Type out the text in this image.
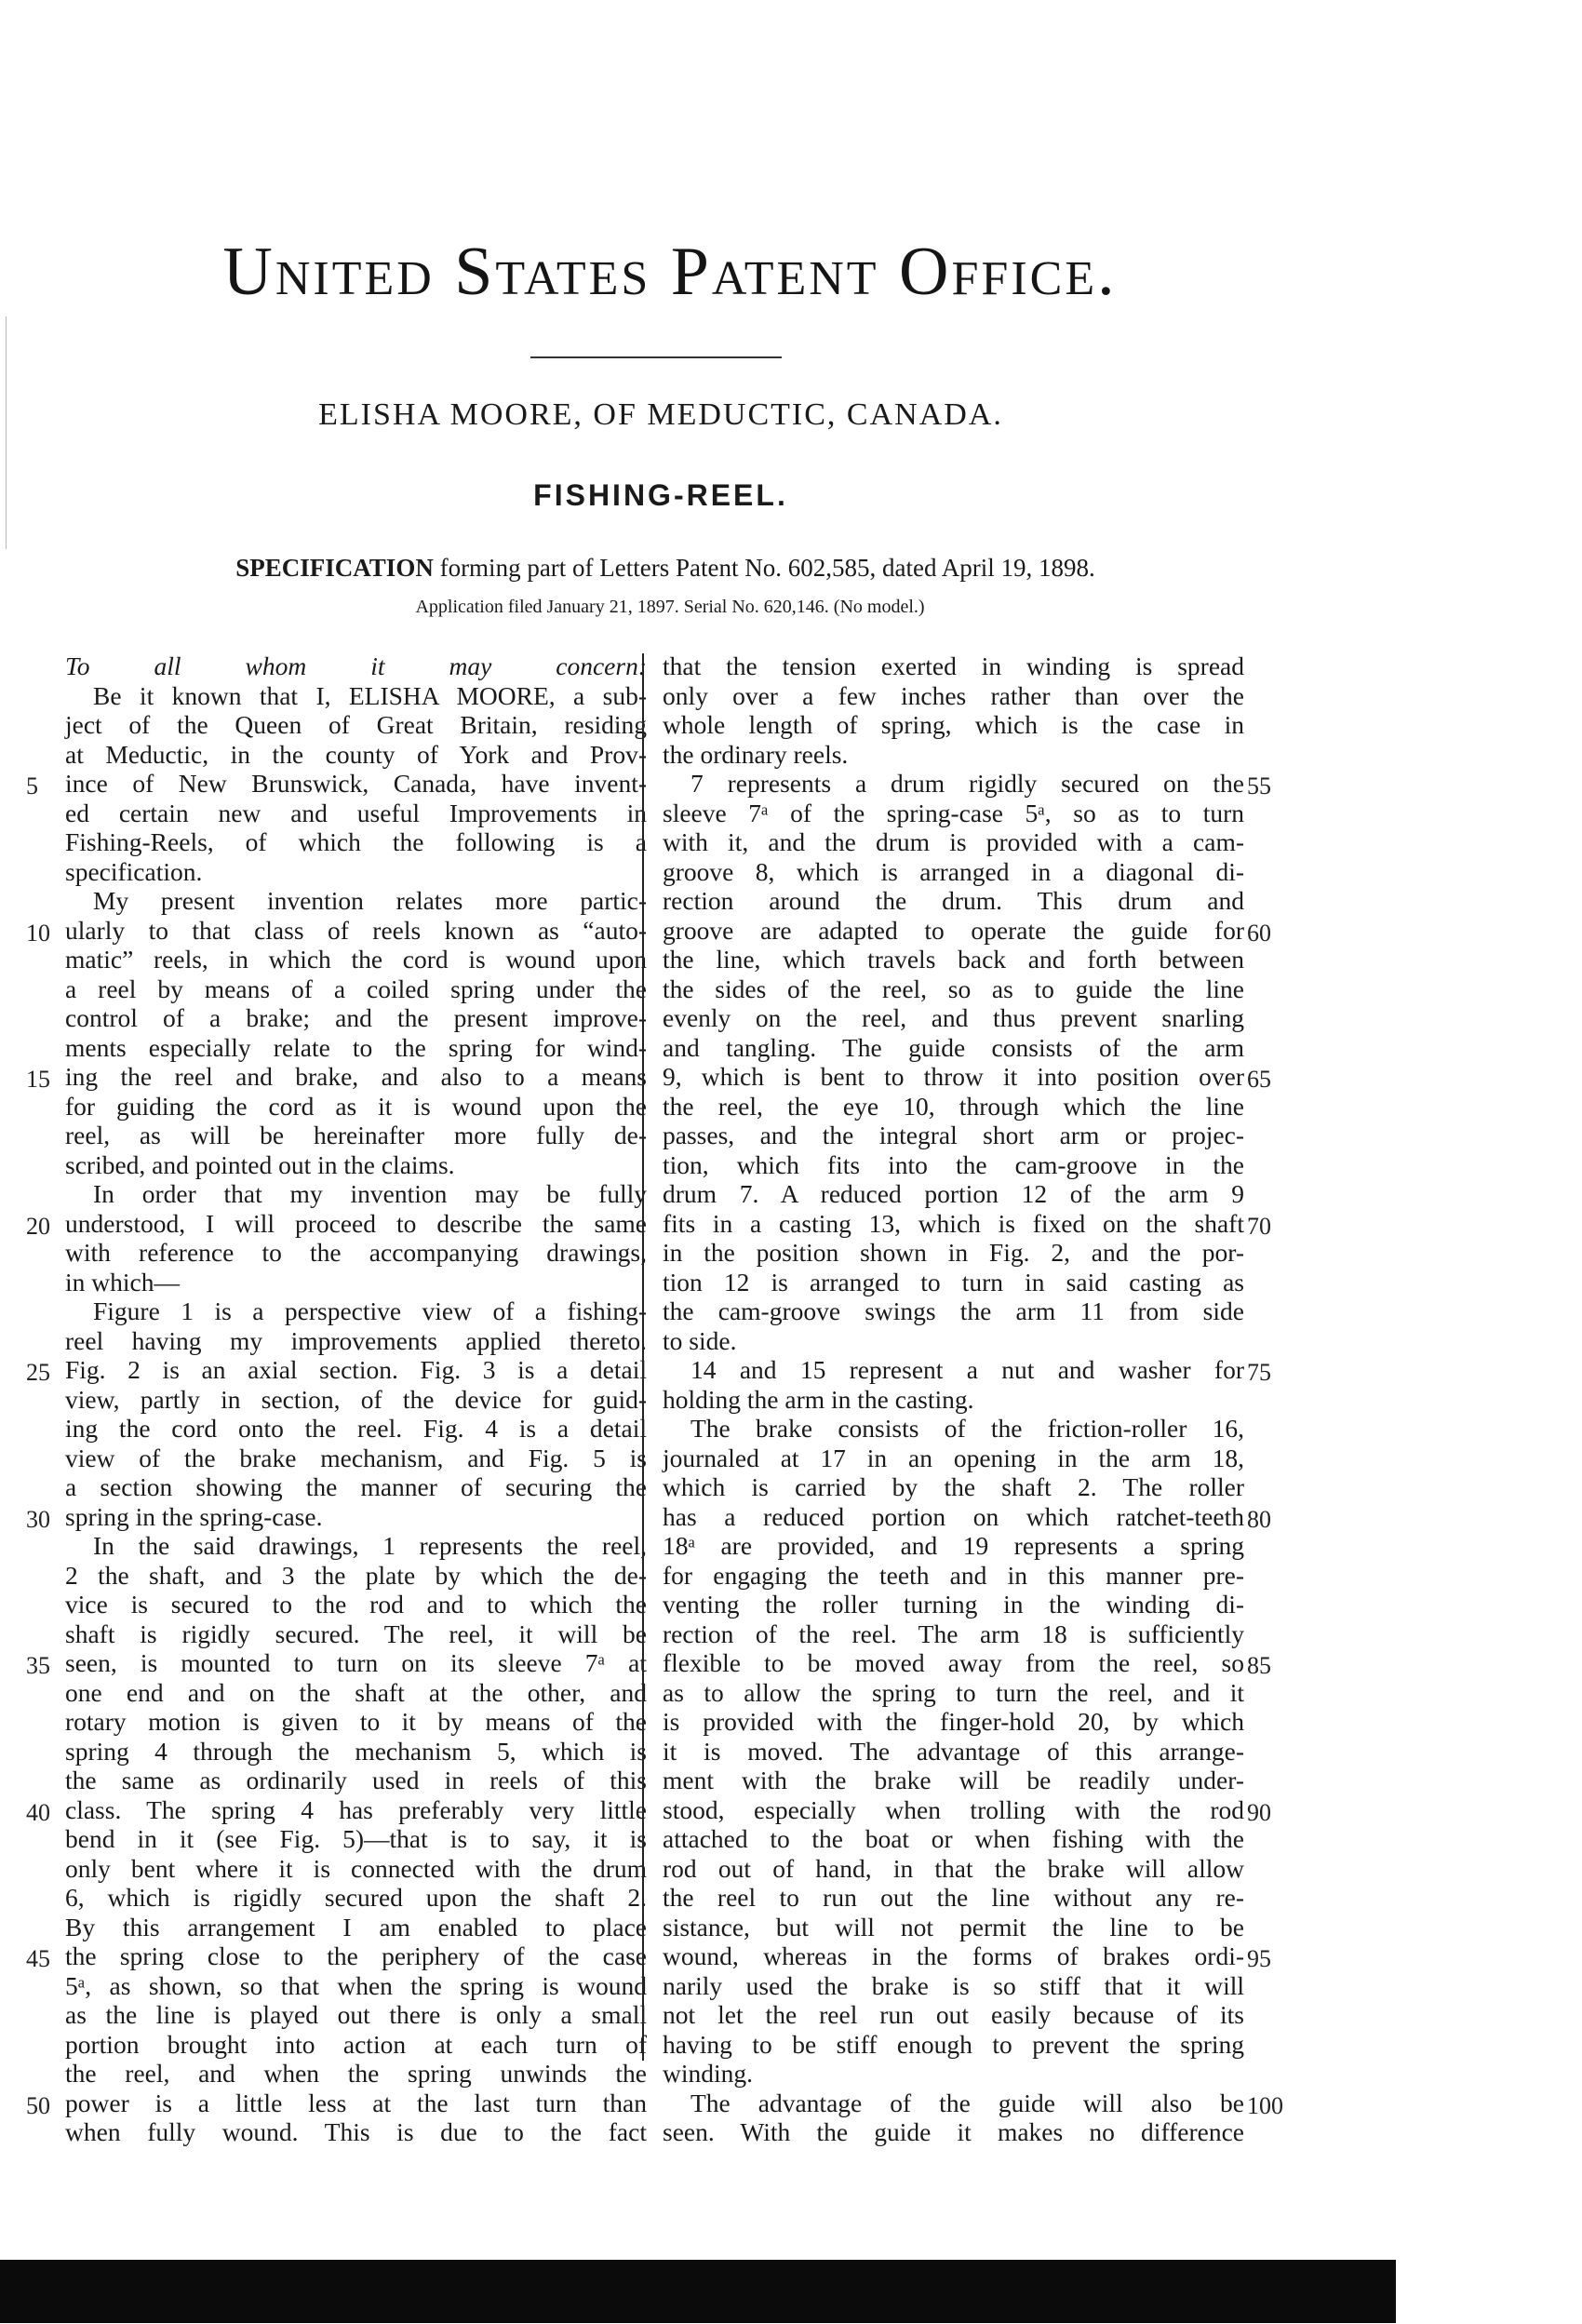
United States Patent Office.
ELISHA MOORE, OF MEDUCTIC, CANADA.
FISHING-REEL.
SPECIFICATION forming part of Letters Patent No. 602,585, dated April 19, 1898.
Application filed January 21, 1897. Serial No. 620,146. (No model.)
To all whom it may concern:
Be it known that I, ELISHA MOORE, a sub-
ject of the Queen of Great Britain, residing
at Meductic, in the county of York and Prov-
ince of New Brunswick, Canada, have invent-
ed certain new and useful Improvements in
Fishing-Reels, of which the following is a
specification.
My present invention relates more partic-
ularly to that class of reels known as “auto-
matic” reels, in which the cord is wound upon
a reel by means of a coiled spring under the
control of a brake; and the present improve-
ments especially relate to the spring for wind-
ing the reel and brake, and also to a means
for guiding the cord as it is wound upon the
reel, as will be hereinafter more fully de-
scribed, and pointed out in the claims.
In order that my invention may be fully
understood, I will proceed to describe the same
with reference to the accompanying drawings,
in which—
Figure 1 is a perspective view of a fishing-
reel having my improvements applied thereto.
Fig. 2 is an axial section. Fig. 3 is a detail
view, partly in section, of the device for guid-
ing the cord onto the reel. Fig. 4 is a detail
view of the brake mechanism, and Fig. 5 is
a section showing the manner of securing the
spring in the spring-case.
In the said drawings, 1 represents the reel,
2 the shaft, and 3 the plate by which the de-
vice is secured to the rod and to which the
shaft is rigidly secured. The reel, it will be
seen, is mounted to turn on its sleeve 7ᵃ at
one end and on the shaft at the other, and
rotary motion is given to it by means of the
spring 4 through the mechanism 5, which is
the same as ordinarily used in reels of this
class. The spring 4 has preferably very little
bend in it (see Fig. 5)—that is to say, it is
only bent where it is connected with the drum
6, which is rigidly secured upon the shaft 2.
By this arrangement I am enabled to place
the spring close to the periphery of the case
5ᵃ, as shown, so that when the spring is wound
as the line is played out there is only a small
portion brought into action at each turn of
the reel, and when the spring unwinds the
power is a little less at the last turn than
when fully wound. This is due to the fact
that the tension exerted in winding is spread
only over a few inches rather than over the
whole length of spring, which is the case in
the ordinary reels.
7 represents a drum rigidly secured on the
sleeve 7ᵃ of the spring-case 5ᵃ, so as to turn
with it, and the drum is provided with a cam-
groove 8, which is arranged in a diagonal di-
rection around the drum. This drum and
groove are adapted to operate the guide for
the line, which travels back and forth between
the sides of the reel, so as to guide the line
evenly on the reel, and thus prevent snarling
and tangling. The guide consists of the arm
9, which is bent to throw it into position over
the reel, the eye 10, through which the line
passes, and the integral short arm or projec-
tion, which fits into the cam-groove in the
drum 7. A reduced portion 12 of the arm 9
fits in a casting 13, which is fixed on the shaft
in the position shown in Fig. 2, and the por-
tion 12 is arranged to turn in said casting as
the cam-groove swings the arm 11 from side
to side.
14 and 15 represent a nut and washer for
holding the arm in the casting.
The brake consists of the friction-roller 16,
journaled at 17 in an opening in the arm 18,
which is carried by the shaft 2. The roller
has a reduced portion on which ratchet-teeth
18ᵃ are provided, and 19 represents a spring
for engaging the teeth and in this manner pre-
venting the roller turning in the winding di-
rection of the reel. The arm 18 is sufficiently
flexible to be moved away from the reel, so
as to allow the spring to turn the reel, and it
is provided with the finger-hold 20, by which
it is moved. The advantage of this arrange-
ment with the brake will be readily under-
stood, especially when trolling with the rod
attached to the boat or when fishing with the
rod out of hand, in that the brake will allow
the reel to run out the line without any re-
sistance, but will not permit the line to be
wound, whereas in the forms of brakes ordi-
narily used the brake is so stiff that it will
not let the reel run out easily because of its
having to be stiff enough to prevent the spring
winding.
The advantage of the guide will also be
seen. With the guide it makes no difference
5
10
15
20
25
30
35
40
45
50
55
60
65
70
75
80
85
90
95
100
